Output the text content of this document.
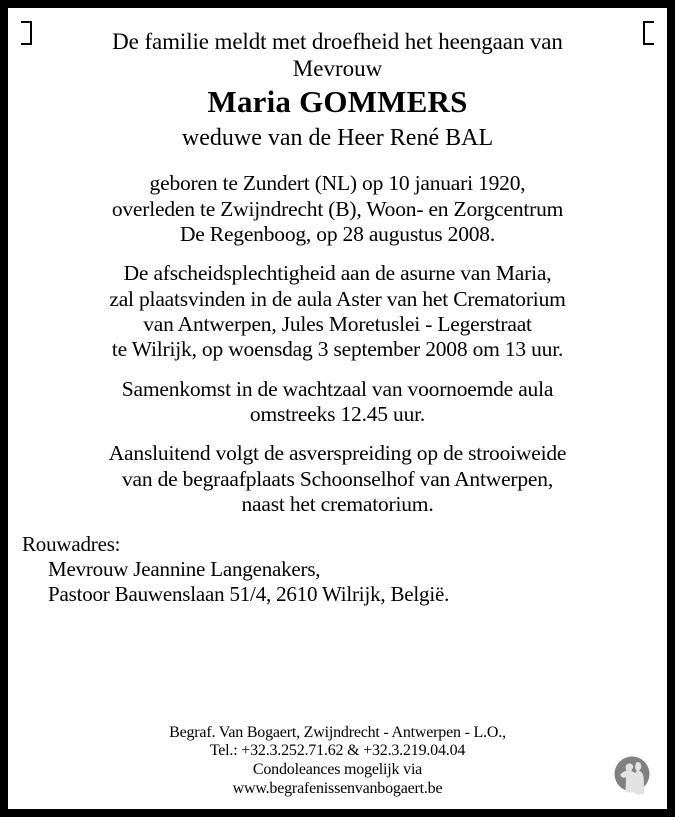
De familie meldt met droefheid het heengaan van
Mevrouw
Maria GOMMERS
weduwe van de Heer René BAL
geboren te Zundert (NL) op 10 januari 1920,
overleden te Zwijndrecht (B), Woon- en Zorgcentrum
De Regenboog, op 28 augustus 2008.
De afscheidsplechtigheid aan de asurne van Maria,
zal plaatsvinden in de aula Aster van het Crematorium
van Antwerpen, Jules Moretuslei - Legerstraat
te Wilrijk, op woensdag 3 september 2008 om 13 uur.
Samenkomst in de wachtzaal van voornoemde aula
omstreeks 12.45 uur.
Aansluitend volgt de asverspreiding op de strooiweide
van de begraafplaats Schoonselhof van Antwerpen,
naast het crematorium.
Rouwadres:
Mevrouw Jeannine Langenakers,
Pastoor Bauwenslaan 51/4, 2610 Wilrijk, België.
Begraf. Van Bogaert, Zwijndrecht - Antwerpen - L.O.,
Tel.: +32.3.252.71.62 & +32.3.219.04.04
Condoleances mogelijk via
www.begrafenissenvanbogaert.be
